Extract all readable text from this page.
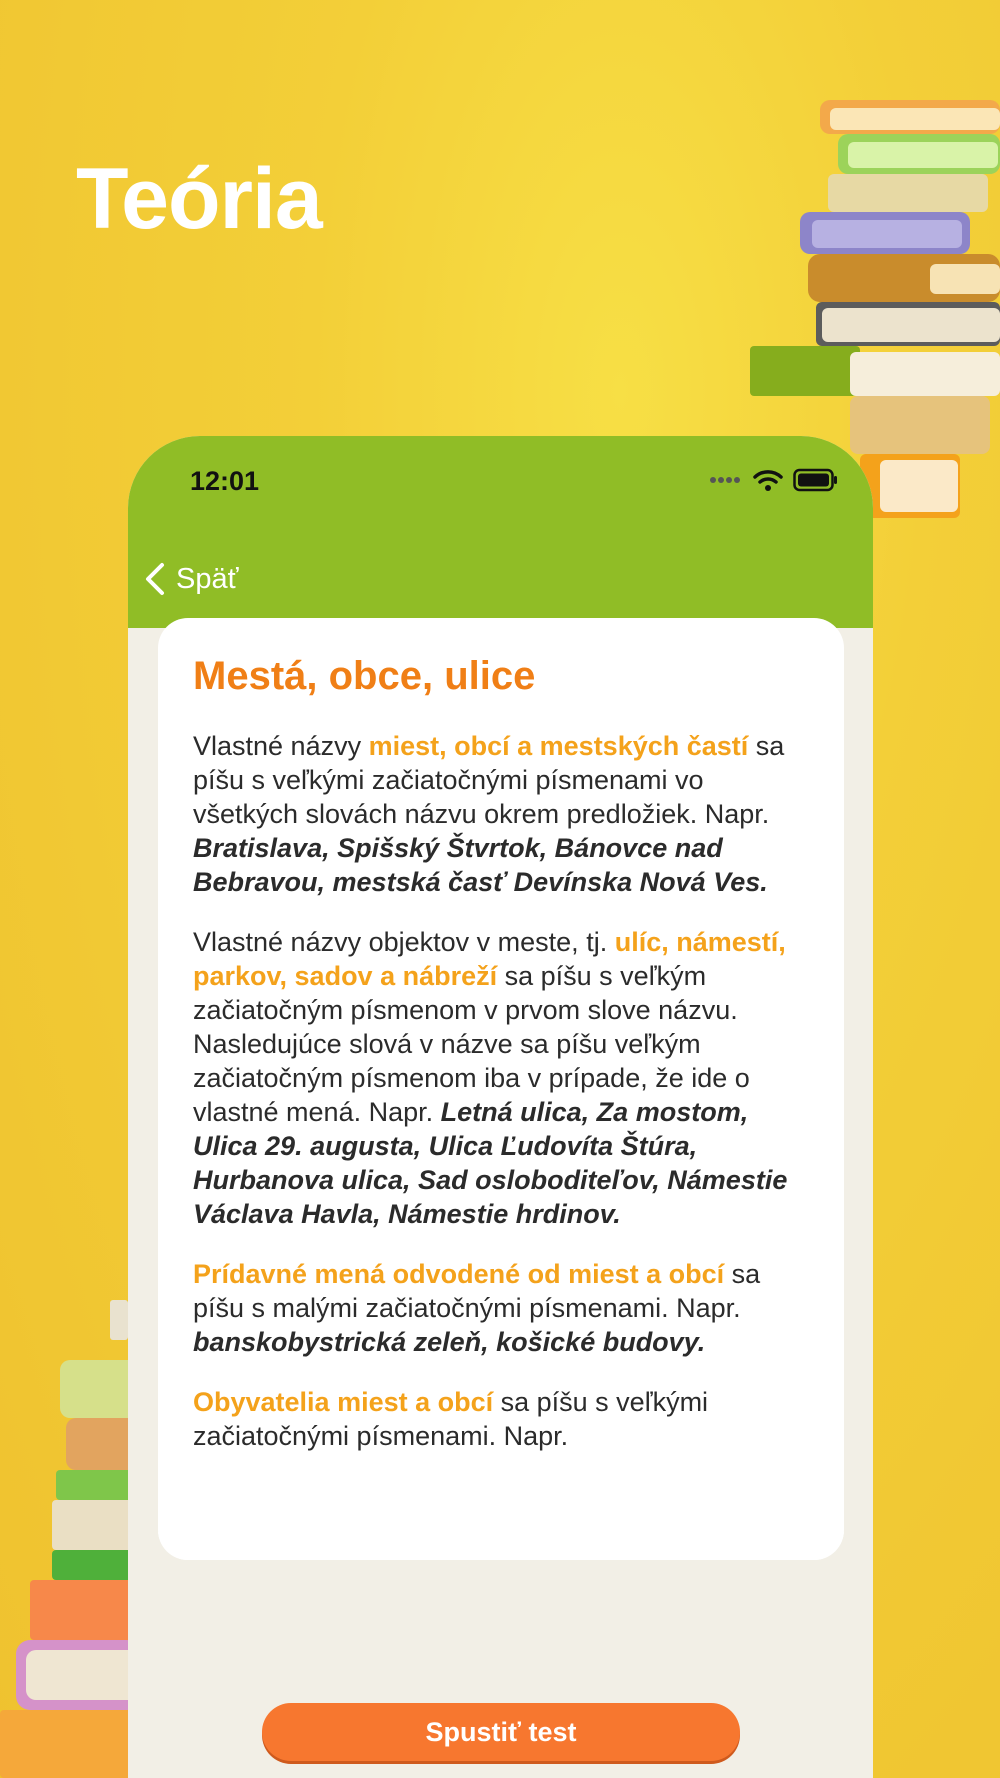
Teória
12:01
Späť
Mestá, obce, ulice

Vlastné názvy miest, obcí a mestských častí sa píšu s veľkými začiatočnými písmenami vo všetkých slovách názvu okrem predložiek. Napr. Bratislava, Spišský Štvrtok, Bánovce nad Bebravou, mestská časť Devínska Nová Ves.

Vlastné názvy objektov v meste, tj. ulíc, námestí, parkov, sadov a nábreží sa píšu s veľkým začiatočným písmenom v prvom slove názvu. Nasledujúce slová v názve sa píšu veľkým začiatočným písmenom iba v prípade, že ide o vlastné mená. Napr. Letná ulica, Za mostom, Ulica 29. augusta, Ulica Ľudovíta Štúra, Hurbanova ulica, Sad osloboditeľov, Námestie Václava Havla, Námestie hrdinov.

Prídavné mená odvodené od miest a obcí sa píšu s malými začiatočnými písmenami. Napr. banskobystrická zeleň, košické budovy.

Obyvatelia miest a obcí sa píšu s veľkými začiatočnými písmenami. Napr.

Spustiť test
